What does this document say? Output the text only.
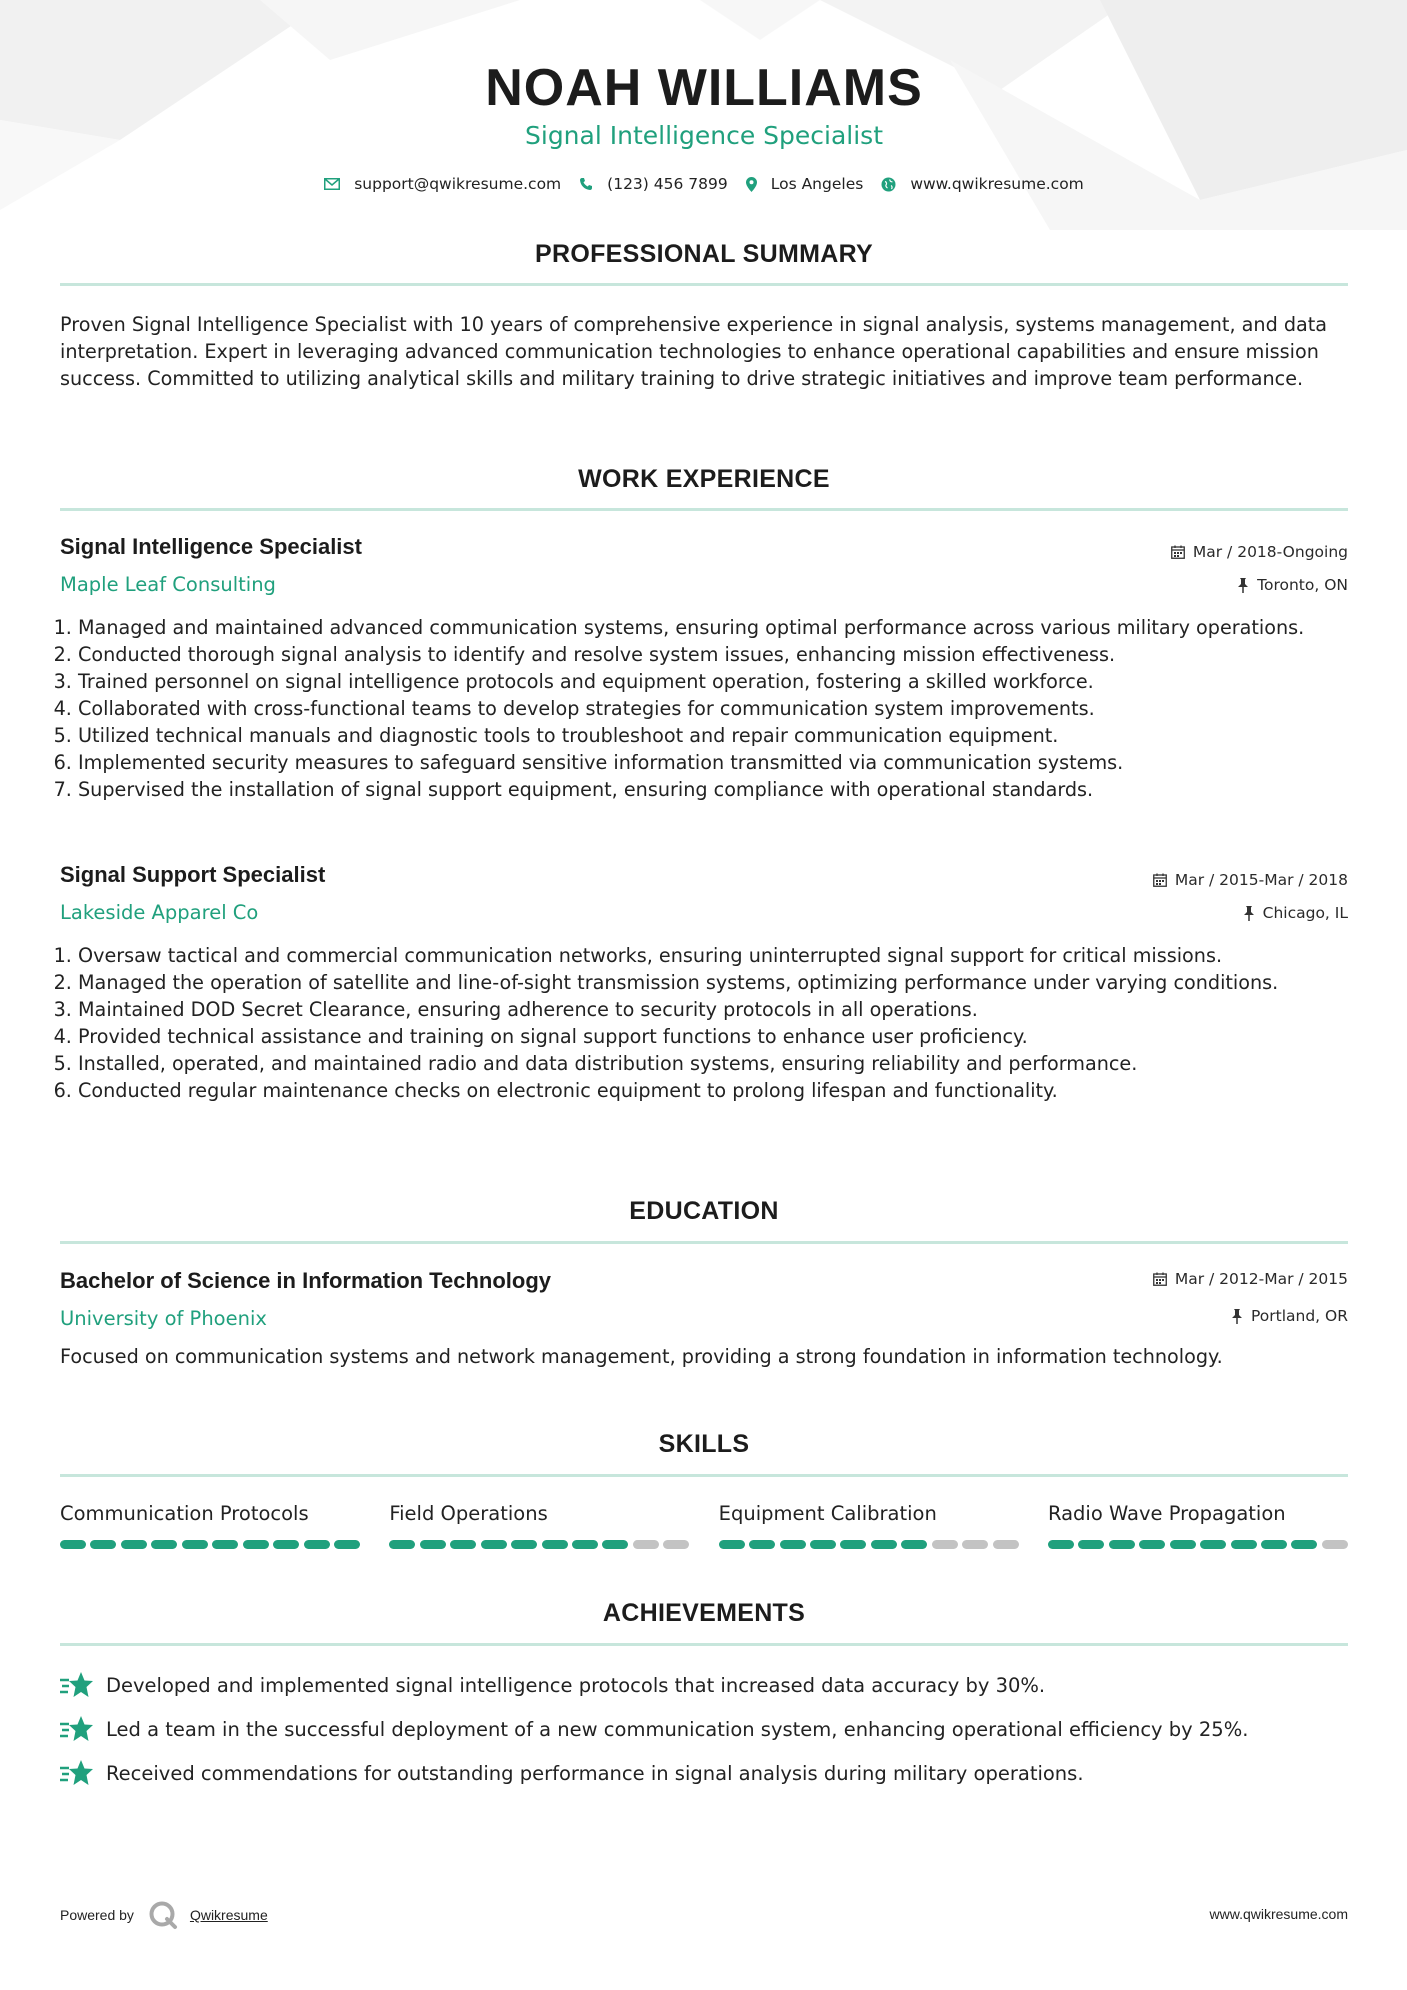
NOAH WILLIAMS
Signal Intelligence Specialist
support@qwikresume.com	(123) 456 7899	Los Angeles	www.qwikresume.com
PROFESSIONAL SUMMARY
Proven Signal Intelligence Specialist with 10 years of comprehensive experience in signal analysis, systems management, and data interpretation. Expert in leveraging advanced communication technologies to enhance operational capabilities and ensure mission success. Committed to utilizing analytical skills and military training to drive strategic initiatives and improve team performance.
WORK EXPERIENCE
Signal Intelligence Specialist	Mar / 2018-Ongoing
Maple Leaf Consulting	Toronto, ON
1. Managed and maintained advanced communication systems, ensuring optimal performance across various military operations.
2. Conducted thorough signal analysis to identify and resolve system issues, enhancing mission effectiveness.
3. Trained personnel on signal intelligence protocols and equipment operation, fostering a skilled workforce.
4. Collaborated with cross-functional teams to develop strategies for communication system improvements.
5. Utilized technical manuals and diagnostic tools to troubleshoot and repair communication equipment.
6. Implemented security measures to safeguard sensitive information transmitted via communication systems.
7. Supervised the installation of signal support equipment, ensuring compliance with operational standards.
Signal Support Specialist	Mar / 2015-Mar / 2018
Lakeside Apparel Co	Chicago, IL
1. Oversaw tactical and commercial communication networks, ensuring uninterrupted signal support for critical missions.
2. Managed the operation of satellite and line-of-sight transmission systems, optimizing performance under varying conditions.
3. Maintained DOD Secret Clearance, ensuring adherence to security protocols in all operations.
4. Provided technical assistance and training on signal support functions to enhance user proficiency.
5. Installed, operated, and maintained radio and data distribution systems, ensuring reliability and performance.
6. Conducted regular maintenance checks on electronic equipment to prolong lifespan and functionality.
EDUCATION
Bachelor of Science in Information Technology	Mar / 2012-Mar / 2015
University of Phoenix	Portland, OR
Focused on communication systems and network management, providing a strong foundation in information technology.
SKILLS
Communication Protocols	Field Operations	Equipment Calibration	Radio Wave Propagation
ACHIEVEMENTS
Developed and implemented signal intelligence protocols that increased data accuracy by 30%.
Led a team in the successful deployment of a new communication system, enhancing operational efficiency by 25%.
Received commendations for outstanding performance in signal analysis during military operations.
Powered by	Qwikresume	www.qwikresume.com
